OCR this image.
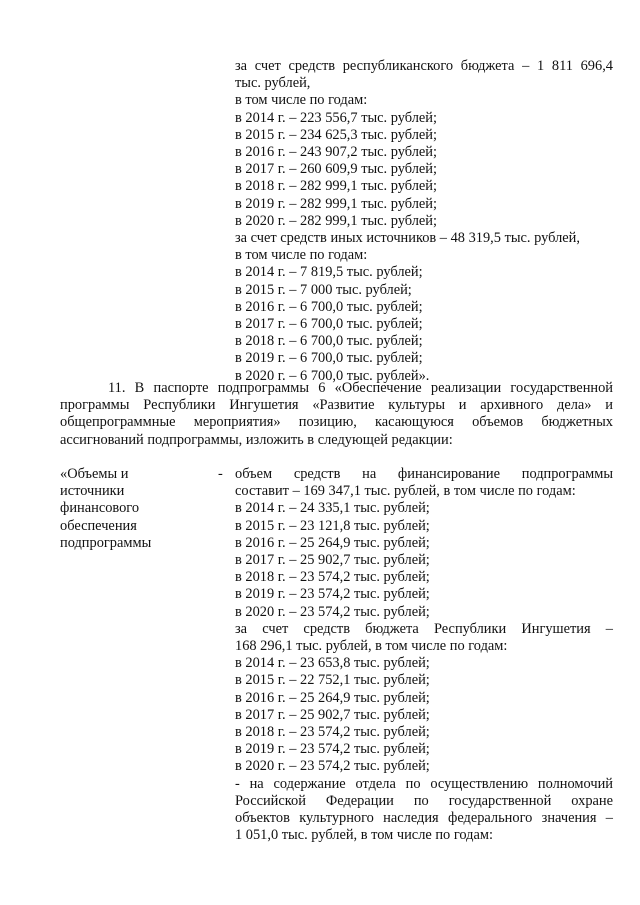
за счет средств республиканского бюджета – 1 811 696,4
тыс. рублей,
в том числе по годам:
в 2014 г. – 223 556,7 тыс. рублей;
в 2015 г. – 234 625,3 тыс. рублей;
в 2016 г. – 243 907,2 тыс. рублей;
в 2017 г. – 260 609,9 тыс. рублей;
в 2018 г. – 282 999,1 тыс. рублей;
в 2019 г. – 282 999,1 тыс. рублей;
в 2020 г. – 282 999,1 тыс. рублей;
за счет средств иных источников – 48 319,5 тыс. рублей,
в том числе по годам:
в 2014 г. – 7 819,5 тыс. рублей;
в 2015 г. – 7 000 тыс. рублей;
в 2016 г. – 6 700,0 тыс. рублей;
в 2017 г. – 6 700,0 тыс. рублей;
в 2018 г. – 6 700,0 тыс. рублей;
в 2019 г. – 6 700,0 тыс. рублей;
в 2020 г. – 6 700,0 тыс. рублей».
11. В паспорте подпрограммы 6 «Обеспечение реализации государственной
программы Республики Ингушетия «Развитие культуры и архивного дела» и
общепрограммные мероприятия» позицию, касающуюся объемов бюджетных
ассигнований подпрограммы, изложить в следующей редакции:
«Объемы и
источники
финансового
обеспечения
подпрограммы
- объем средств на финансирование подпрограммы
составит – 169 347,1 тыс. рублей, в том числе по годам:
в 2014 г. – 24 335,1 тыс. рублей;
в 2015 г. – 23 121,8 тыс. рублей;
в 2016 г. – 25 264,9 тыс. рублей;
в 2017 г. – 25 902,7 тыс. рублей;
в 2018 г. – 23 574,2 тыс. рублей;
в 2019 г. – 23 574,2 тыс. рублей;
в 2020 г. – 23 574,2 тыс. рублей;
за счет средств бюджета Республики Ингушетия –
168 296,1 тыс. рублей, в том числе по годам:
в 2014 г. – 23 653,8 тыс. рублей;
в 2015 г. – 22 752,1 тыс. рублей;
в 2016 г. – 25 264,9 тыс. рублей;
в 2017 г. – 25 902,7 тыс. рублей;
в 2018 г. – 23 574,2 тыс. рублей;
в 2019 г. – 23 574,2 тыс. рублей;
в 2020 г. – 23 574,2 тыс. рублей;
- на содержание отдела по осуществлению полномочий
Российской Федерации по государственной охране
объектов культурного наследия федерального значения –
1 051,0 тыс. рублей, в том числе по годам:
